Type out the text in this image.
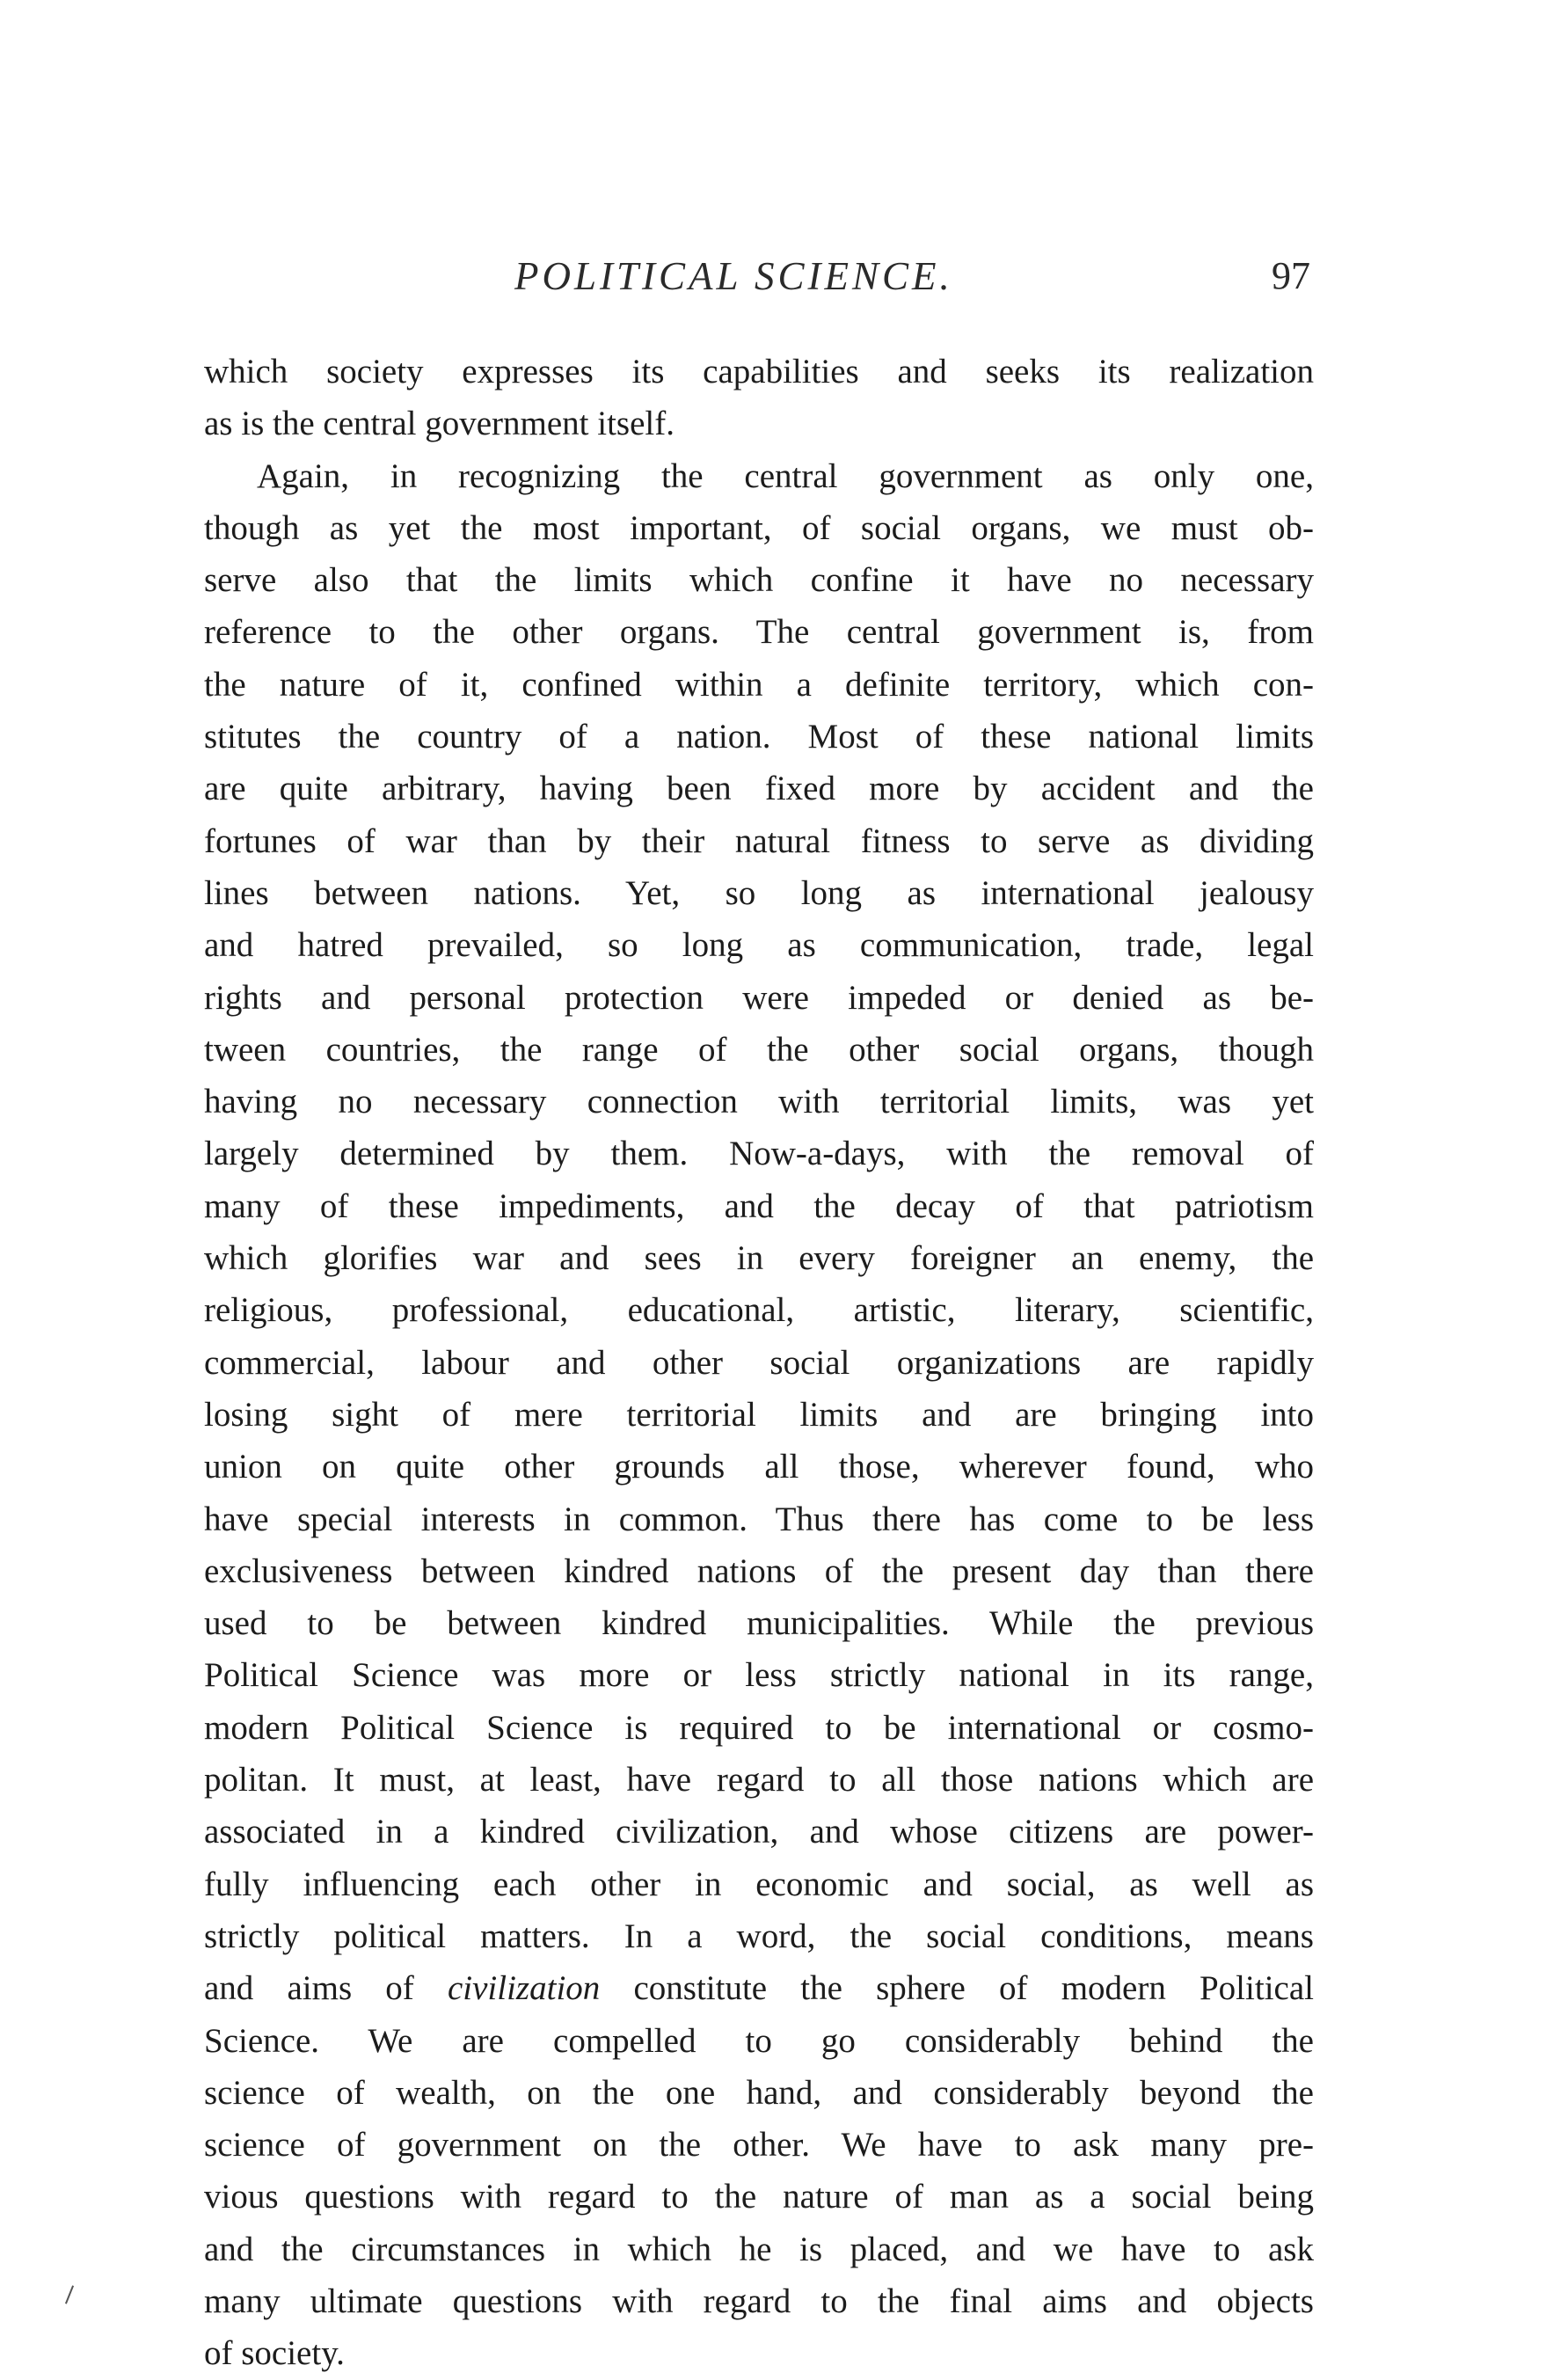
POLITICAL SCIENCE.	97
which society expresses its capabilities and seeks its realization
as is the central government itself.
Again, in recognizing the central government as only one,
though as yet the most important, of social organs, we must ob-
serve also that the limits which confine it have no necessary
reference to the other organs. The central government is, from
the nature of it, confined within a definite territory, which con-
stitutes the country of a nation. Most of these national limits
are quite arbitrary, having been fixed more by accident and the
fortunes of war than by their natural fitness to serve as dividing
lines between nations. Yet, so long as international jealousy
and hatred prevailed, so long as communication, trade, legal
rights and personal protection were impeded or denied as be-
tween countries, the range of the other social organs, though
having no necessary connection with territorial limits, was yet
largely determined by them. Now-a-days, with the removal of
many of these impediments, and the decay of that patriotism
which glorifies war and sees in every foreigner an enemy, the
religious, professional, educational, artistic, literary, scientific,
commercial, labour and other social organizations are rapidly
losing sight of mere territorial limits and are bringing into
union on quite other grounds all those, wherever found, who
have special interests in common. Thus there has come to be less
exclusiveness between kindred nations of the present day than there
used to be between kindred municipalities. While the previous
Political Science was more or less strictly national in its range,
modern Political Science is required to be international or cosmo-
politan. It must, at least, have regard to all those nations which are
associated in a kindred civilization, and whose citizens are power-
fully influencing each other in economic and social, as well as
strictly political matters. In a word, the social conditions, means
and aims of civilization constitute the sphere of modern Political
Science. We are compelled to go considerably behind the
science of wealth, on the one hand, and considerably beyond the
science of government on the other. We have to ask many pre-
vious questions with regard to the nature of man as a social being
and the circumstances in which he is placed, and we have to ask
many ultimate questions with regard to the final aims and objects
of society.
